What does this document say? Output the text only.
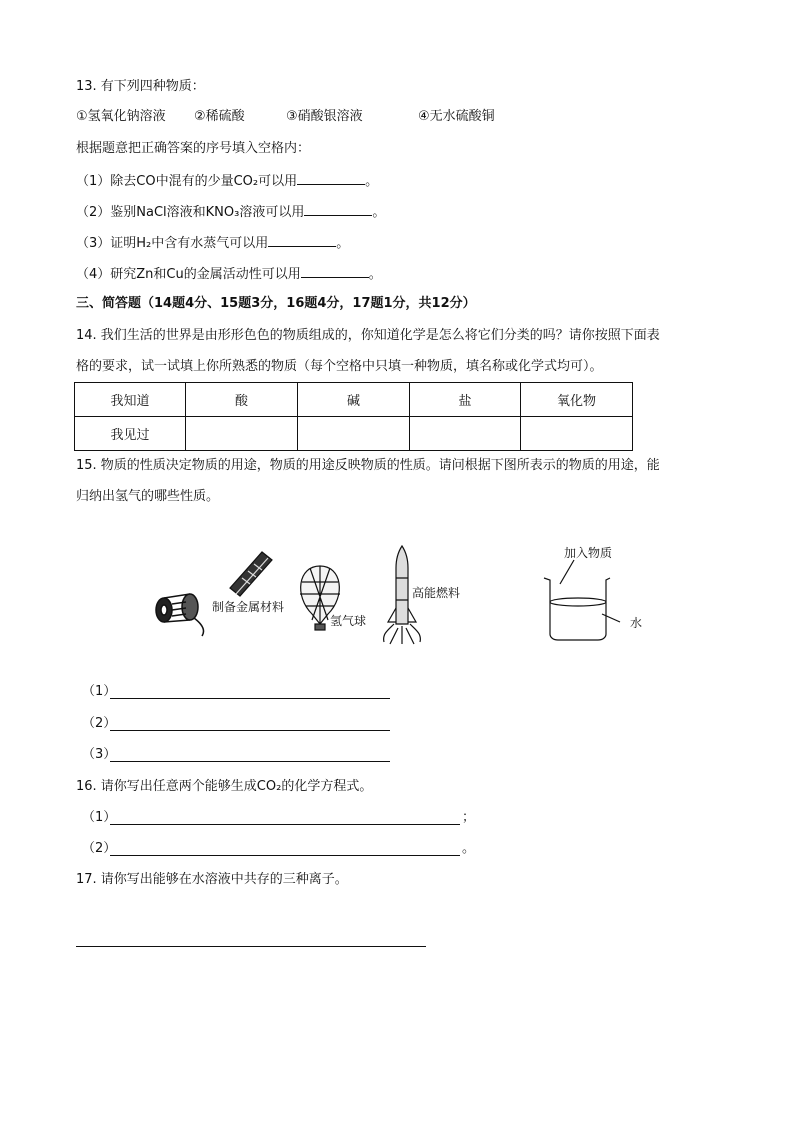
13. 有下列四种物质：
①氢氧化钠溶液 ②稀硫酸	③硝酸银溶液	④无水硫酸铜
根据题意把正确答案的序号填入空格内：
（1）除去CO中混有的少量CO₂可以用	。
（2）鉴别NaCl溶液和KNO₃溶液可以用	。
（3）证明H₂中含有水蒸气可以用	。
（4）研究Zn和Cu的金属活动性可以用	。
三、简答题（14题4分、15题3分，16题4分，17题1分，共12分）
14. 我们生活的世界是由形形色色的物质组成的，你知道化学是怎么将它们分类的吗？请你按照下面表
格的要求，试一试填上你所熟悉的物质（每个空格中只填一种物质，填名称或化学式均可）。
我知道	酸	碱	盐	氧化物
我见过				
15. 物质的性质决定物质的用途，物质的用途反映物质的性质。请问根据下图所表示的物质的用途，能
归纳出氢气的哪些性质。
制备金属材料
氢气球
高能燃料
加入物质
水
（1）
（2）
（3）
16. 请你写出任意两个能够生成CO₂的化学方程式。
（1）	；
（2）	。
17. 请你写出能够在水溶液中共存的三种离子。
